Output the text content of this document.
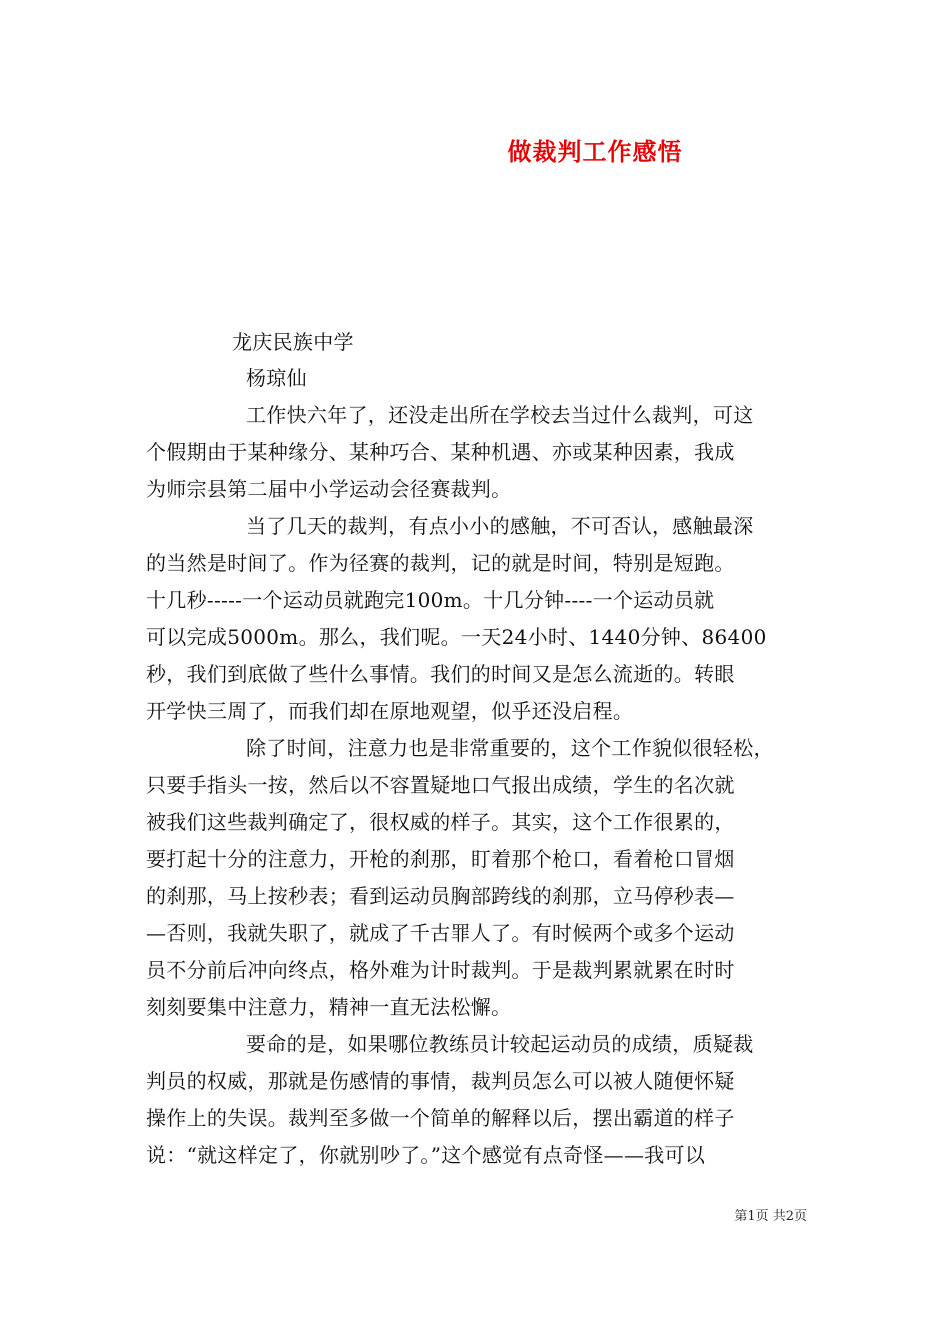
做裁判工作感悟
龙庆民族中学
杨琼仙
工作快六年了，还没走出所在学校去当过什么裁判，可这
个假期由于某种缘分、某种巧合、某种机遇、亦或某种因素，我成
为师宗县第二届中小学运动会径赛裁判。
当了几天的裁判，有点小小的感触，不可否认，感触最深
的当然是时间了。作为径赛的裁判，记的就是时间，特别是短跑。
十几秒-----一个运动员就跑完100m。十几分钟----一个运动员就
可以完成5000m。那么，我们呢。一天24小时、1440分钟、86400
秒，我们到底做了些什么事情。我们的时间又是怎么流逝的。转眼
开学快三周了，而我们却在原地观望，似乎还没启程。
除了时间，注意力也是非常重要的，这个工作貌似很轻松，
只要手指头一按，然后以不容置疑地口气报出成绩，学生的名次就
被我们这些裁判确定了，很权威的样子。其实，这个工作很累的，
要打起十分的注意力，开枪的刹那，盯着那个枪口，看着枪口冒烟
的刹那，马上按秒表；看到运动员胸部跨线的刹那，立马停秒表—
—否则，我就失职了，就成了千古罪人了。有时候两个或多个运动
员不分前后冲向终点，格外难为计时裁判。于是裁判累就累在时时
刻刻要集中注意力，精神一直无法松懈。
要命的是，如果哪位教练员计较起运动员的成绩，质疑裁
判员的权威，那就是伤感情的事情，裁判员怎么可以被人随便怀疑
操作上的失误。裁判至多做一个简单的解释以后，摆出霸道的样子
说：“就这样定了，你就别吵了。”这个感觉有点奇怪——我可以
第1页 共2页
